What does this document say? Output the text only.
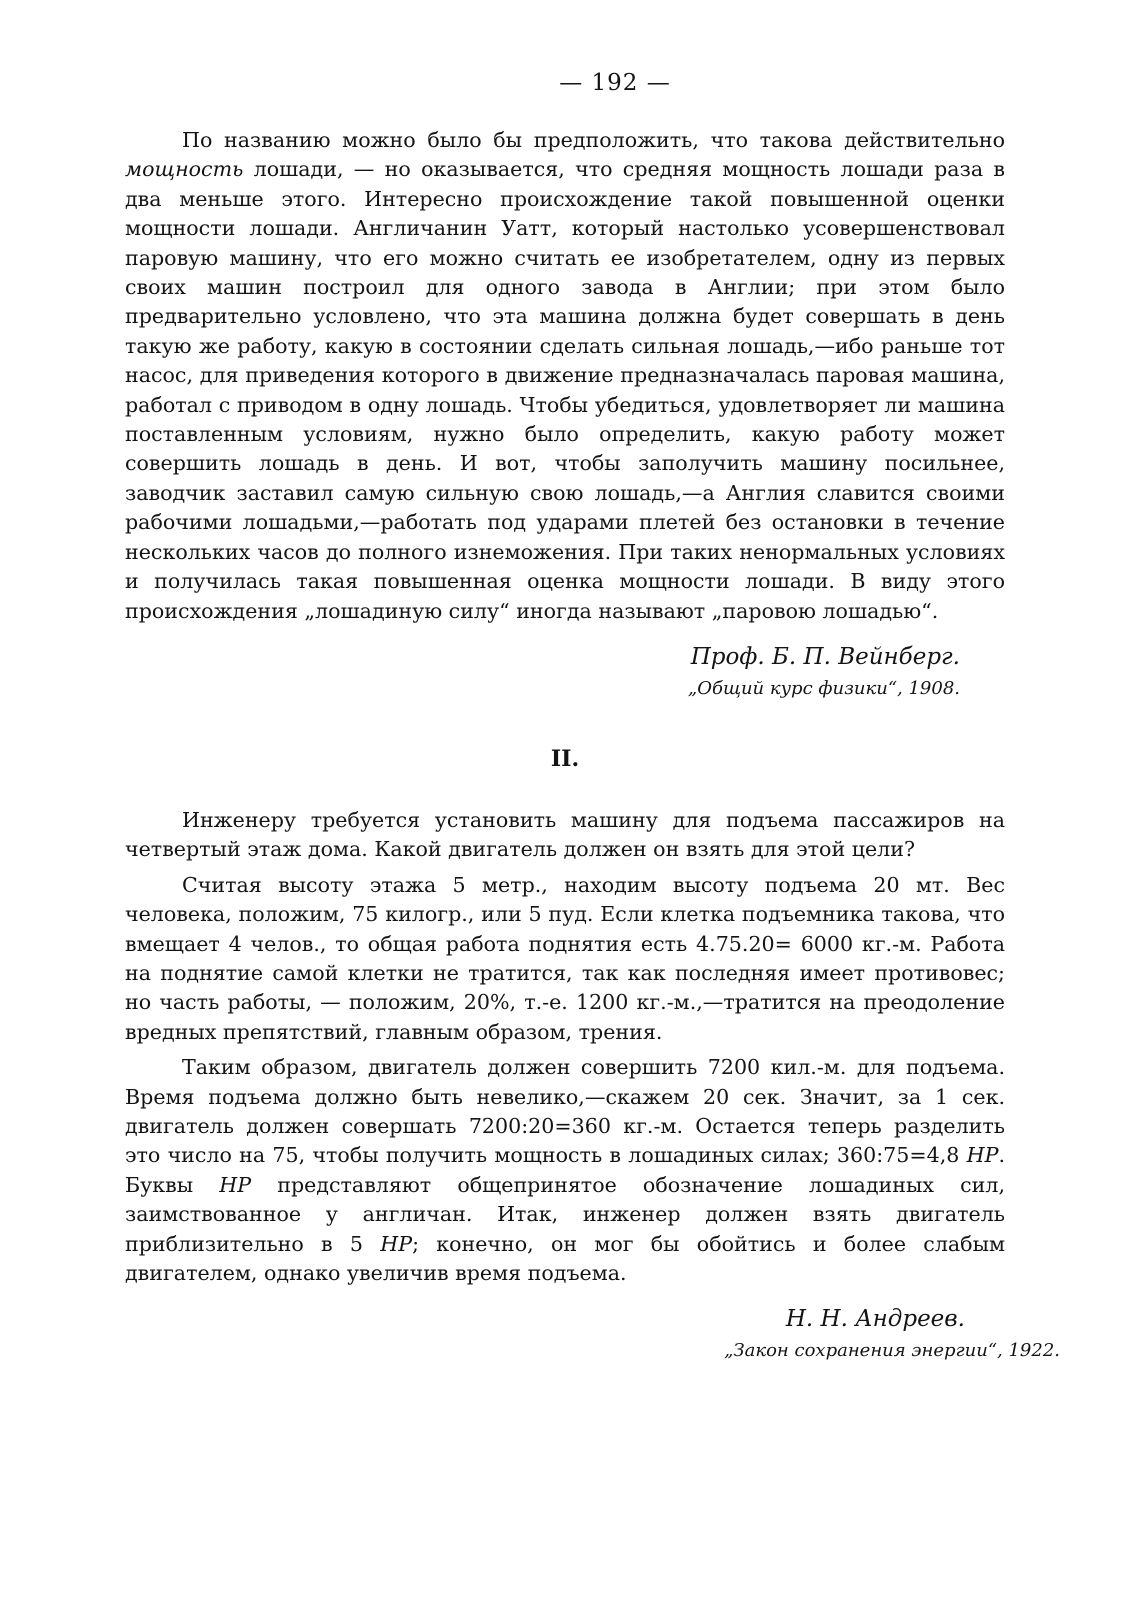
— 192 —

По названию можно было бы предположить, что такова действительно мощность лошади, — но оказывается, что средняя мощность лошади раза в два меньше этого. Интересно происхождение такой повышенной оценки мощности лошади. Англичанин Уатт, который настолько усовершенствовал паровую машину, что его можно считать ее изобретателем, одну из первых своих машин построил для одного завода в Англии; при этом было предварительно условлено, что эта машина должна будет совершать в день такую же работу, какую в состоянии сделать сильная лошадь,—ибо раньше тот насос, для приведения которого в движение предназначалась паровая машина, работал с приводом в одну лошадь. Чтобы убедиться, удовлетворяет ли машина поставленным условиям, нужно было определить, какую работу может совершить лошадь в день. И вот, чтобы заполучить машину посильнее, заводчик заставил самую сильную свою лошадь,—а Англия славится своими рабочими лошадьми,—работать под ударами плетей без остановки в течение нескольких часов до полного изнеможения. При таких ненормальных условиях и получилась такая повышенная оценка мощности лошади. В виду этого происхождения „лошадиную силу“ иногда называют „паровою лошадью“.

Проф. Б. П. Вейнберг.
„Общий курс физики“, 1908.
II.

Инженеру требуется установить машину для подъема пассажиров на четвертый этаж дома. Какой двигатель должен он взять для этой цели?

Считая высоту этажа 5 метр., находим высоту подъема 20 мт. Вес человека, положим, 75 килогр., или 5 пуд. Если клетка подъемника такова, что вмещает 4 челов., то общая работа поднятия есть 4.75.20= 6000 кг.-м. Работа на поднятие самой клетки не тратится, так как последняя имеет противовес; но часть работы, — положим, 20%, т.-е. 1200 кг.-м.,—тратится на преодоление вредных препятствий, главным образом, трения.

Таким образом, двигатель должен совершить 7200 кил.-м. для подъема. Время подъема должно быть невелико,—скажем 20 сек. Значит, за 1 сек. двигатель должен совершать 7200:20=360 кг.-м. Остается теперь разделить это число на 75, чтобы получить мощность в лошадиных силах; 360:75=4,8 HP. Буквы HP представляют общепринятое обозначение лошадиных сил, заимствованное у англичан. Итак, инженер должен взять двигатель приблизительно в 5 HP; конечно, он мог бы обойтись и более слабым двигателем, однако увеличив время подъема.

Н. Н. Андреев.
„Закон сохранения энергии“, 1922.
